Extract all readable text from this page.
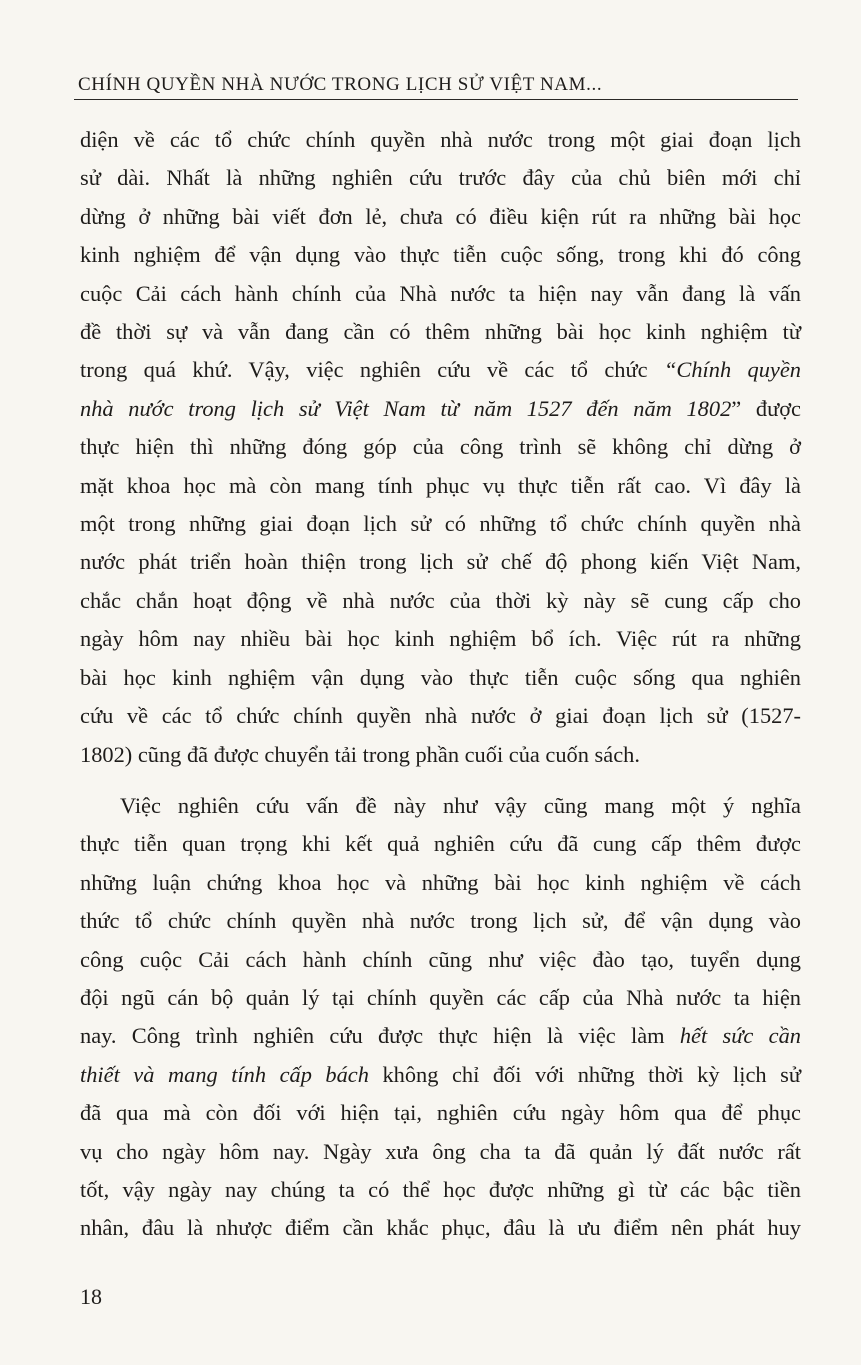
CHÍNH QUYỀN NHÀ NƯỚC TRONG LỊCH SỬ VIỆT NAM...
diện về các tổ chức chính quyền nhà nước trong một giai đoạn lịch
sử dài. Nhất là những nghiên cứu trước đây của chủ biên mới chỉ
dừng ở những bài viết đơn lẻ, chưa có điều kiện rút ra những bài học
kinh nghiệm để vận dụng vào thực tiễn cuộc sống, trong khi đó công
cuộc Cải cách hành chính của Nhà nước ta hiện nay vẫn đang là vấn
đề thời sự và vẫn đang cần có thêm những bài học kinh nghiệm từ
trong quá khứ. Vậy, việc nghiên cứu về các tổ chức “Chính quyền
nhà nước trong lịch sử Việt Nam từ năm 1527 đến năm 1802” được
thực hiện thì những đóng góp của công trình sẽ không chỉ dừng ở
mặt khoa học mà còn mang tính phục vụ thực tiễn rất cao. Vì đây là
một trong những giai đoạn lịch sử có những tổ chức chính quyền nhà
nước phát triển hoàn thiện trong lịch sử chế độ phong kiến Việt Nam,
chắc chắn hoạt động về nhà nước của thời kỳ này sẽ cung cấp cho
ngày hôm nay nhiều bài học kinh nghiệm bổ ích. Việc rút ra những
bài học kinh nghiệm vận dụng vào thực tiễn cuộc sống qua nghiên
cứu về các tổ chức chính quyền nhà nước ở giai đoạn lịch sử (1527-
1802) cũng đã được chuyển tải trong phần cuối của cuốn sách.
Việc nghiên cứu vấn đề này như vậy cũng mang một ý nghĩa
thực tiễn quan trọng khi kết quả nghiên cứu đã cung cấp thêm được
những luận chứng khoa học và những bài học kinh nghiệm về cách
thức tổ chức chính quyền nhà nước trong lịch sử, để vận dụng vào
công cuộc Cải cách hành chính cũng như việc đào tạo, tuyển dụng
đội ngũ cán bộ quản lý tại chính quyền các cấp của Nhà nước ta hiện
nay. Công trình nghiên cứu được thực hiện là việc làm hết sức cần
thiết và mang tính cấp bách không chỉ đối với những thời kỳ lịch sử
đã qua mà còn đối với hiện tại, nghiên cứu ngày hôm qua để phục
vụ cho ngày hôm nay. Ngày xưa ông cha ta đã quản lý đất nước rất
tốt, vậy ngày nay chúng ta có thể học được những gì từ các bậc tiền
nhân, đâu là nhược điểm cần khắc phục, đâu là ưu điểm nên phát huy
18
